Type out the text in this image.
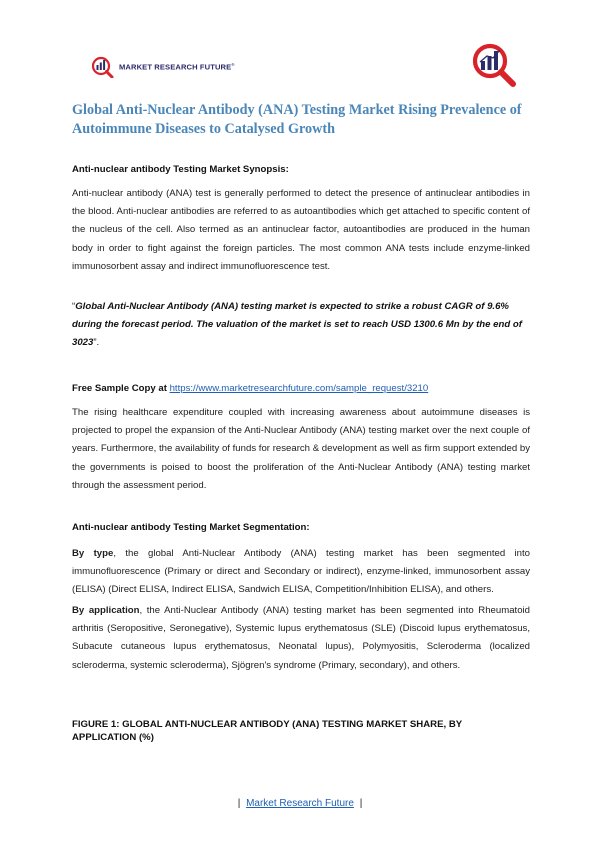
MARKET RESEARCH FUTURE®
Global Anti-Nuclear Antibody (ANA) Testing Market Rising Prevalence of Autoimmune Diseases to Catalysed Growth

Anti-nuclear antibody Testing Market Synopsis:

Anti-nuclear antibody (ANA) test is generally performed to detect the presence of antinuclear antibodies in the blood. Anti-nuclear antibodies are referred to as autoantibodies which get attached to specific content of the nucleus of the cell. Also termed as an antinuclear factor, autoantibodies are produced in the human body in order to fight against the foreign particles. The most common ANA tests include enzyme-linked immunosorbent assay and indirect immunofluorescence test.

“Global Anti-Nuclear Antibody (ANA) testing market is expected to strike a robust CAGR of 9.6% during the forecast period. The valuation of the market is set to reach USD 1300.6 Mn by the end of 3023”.

Free Sample Copy at https://www.marketresearchfuture.com/sample_request/3210

The rising healthcare expenditure coupled with increasing awareness about autoimmune diseases is projected to propel the expansion of the Anti-Nuclear Antibody (ANA) testing market over the next couple of years. Furthermore, the availability of funds for research & development as well as firm support extended by the governments is poised to boost the proliferation of the Anti-Nuclear Antibody (ANA) testing market through the assessment period.

Anti-nuclear antibody Testing Market Segmentation:

By type, the global Anti-Nuclear Antibody (ANA) testing market has been segmented into immunofluorescence (Primary or direct and Secondary or indirect), enzyme-linked, immunosorbent assay (ELISA) (Direct ELISA, Indirect ELISA, Sandwich ELISA, Competition/Inhibition ELISA), and others.

By application, the Anti-Nuclear Antibody (ANA) testing market has been segmented into Rheumatoid arthritis (Seropositive, Seronegative), Systemic lupus erythematosus (SLE) (Discoid lupus erythematosus, Subacute cutaneous lupus erythematosus, Neonatal lupus), Polymyositis, Scleroderma (localized scleroderma, systemic scleroderma), Sjögren's syndrome (Primary, secondary), and others.

FIGURE 1: GLOBAL ANTI-NUCLEAR ANTIBODY (ANA) TESTING MARKET SHARE, BY APPLICATION (%)

| Market Research Future |
